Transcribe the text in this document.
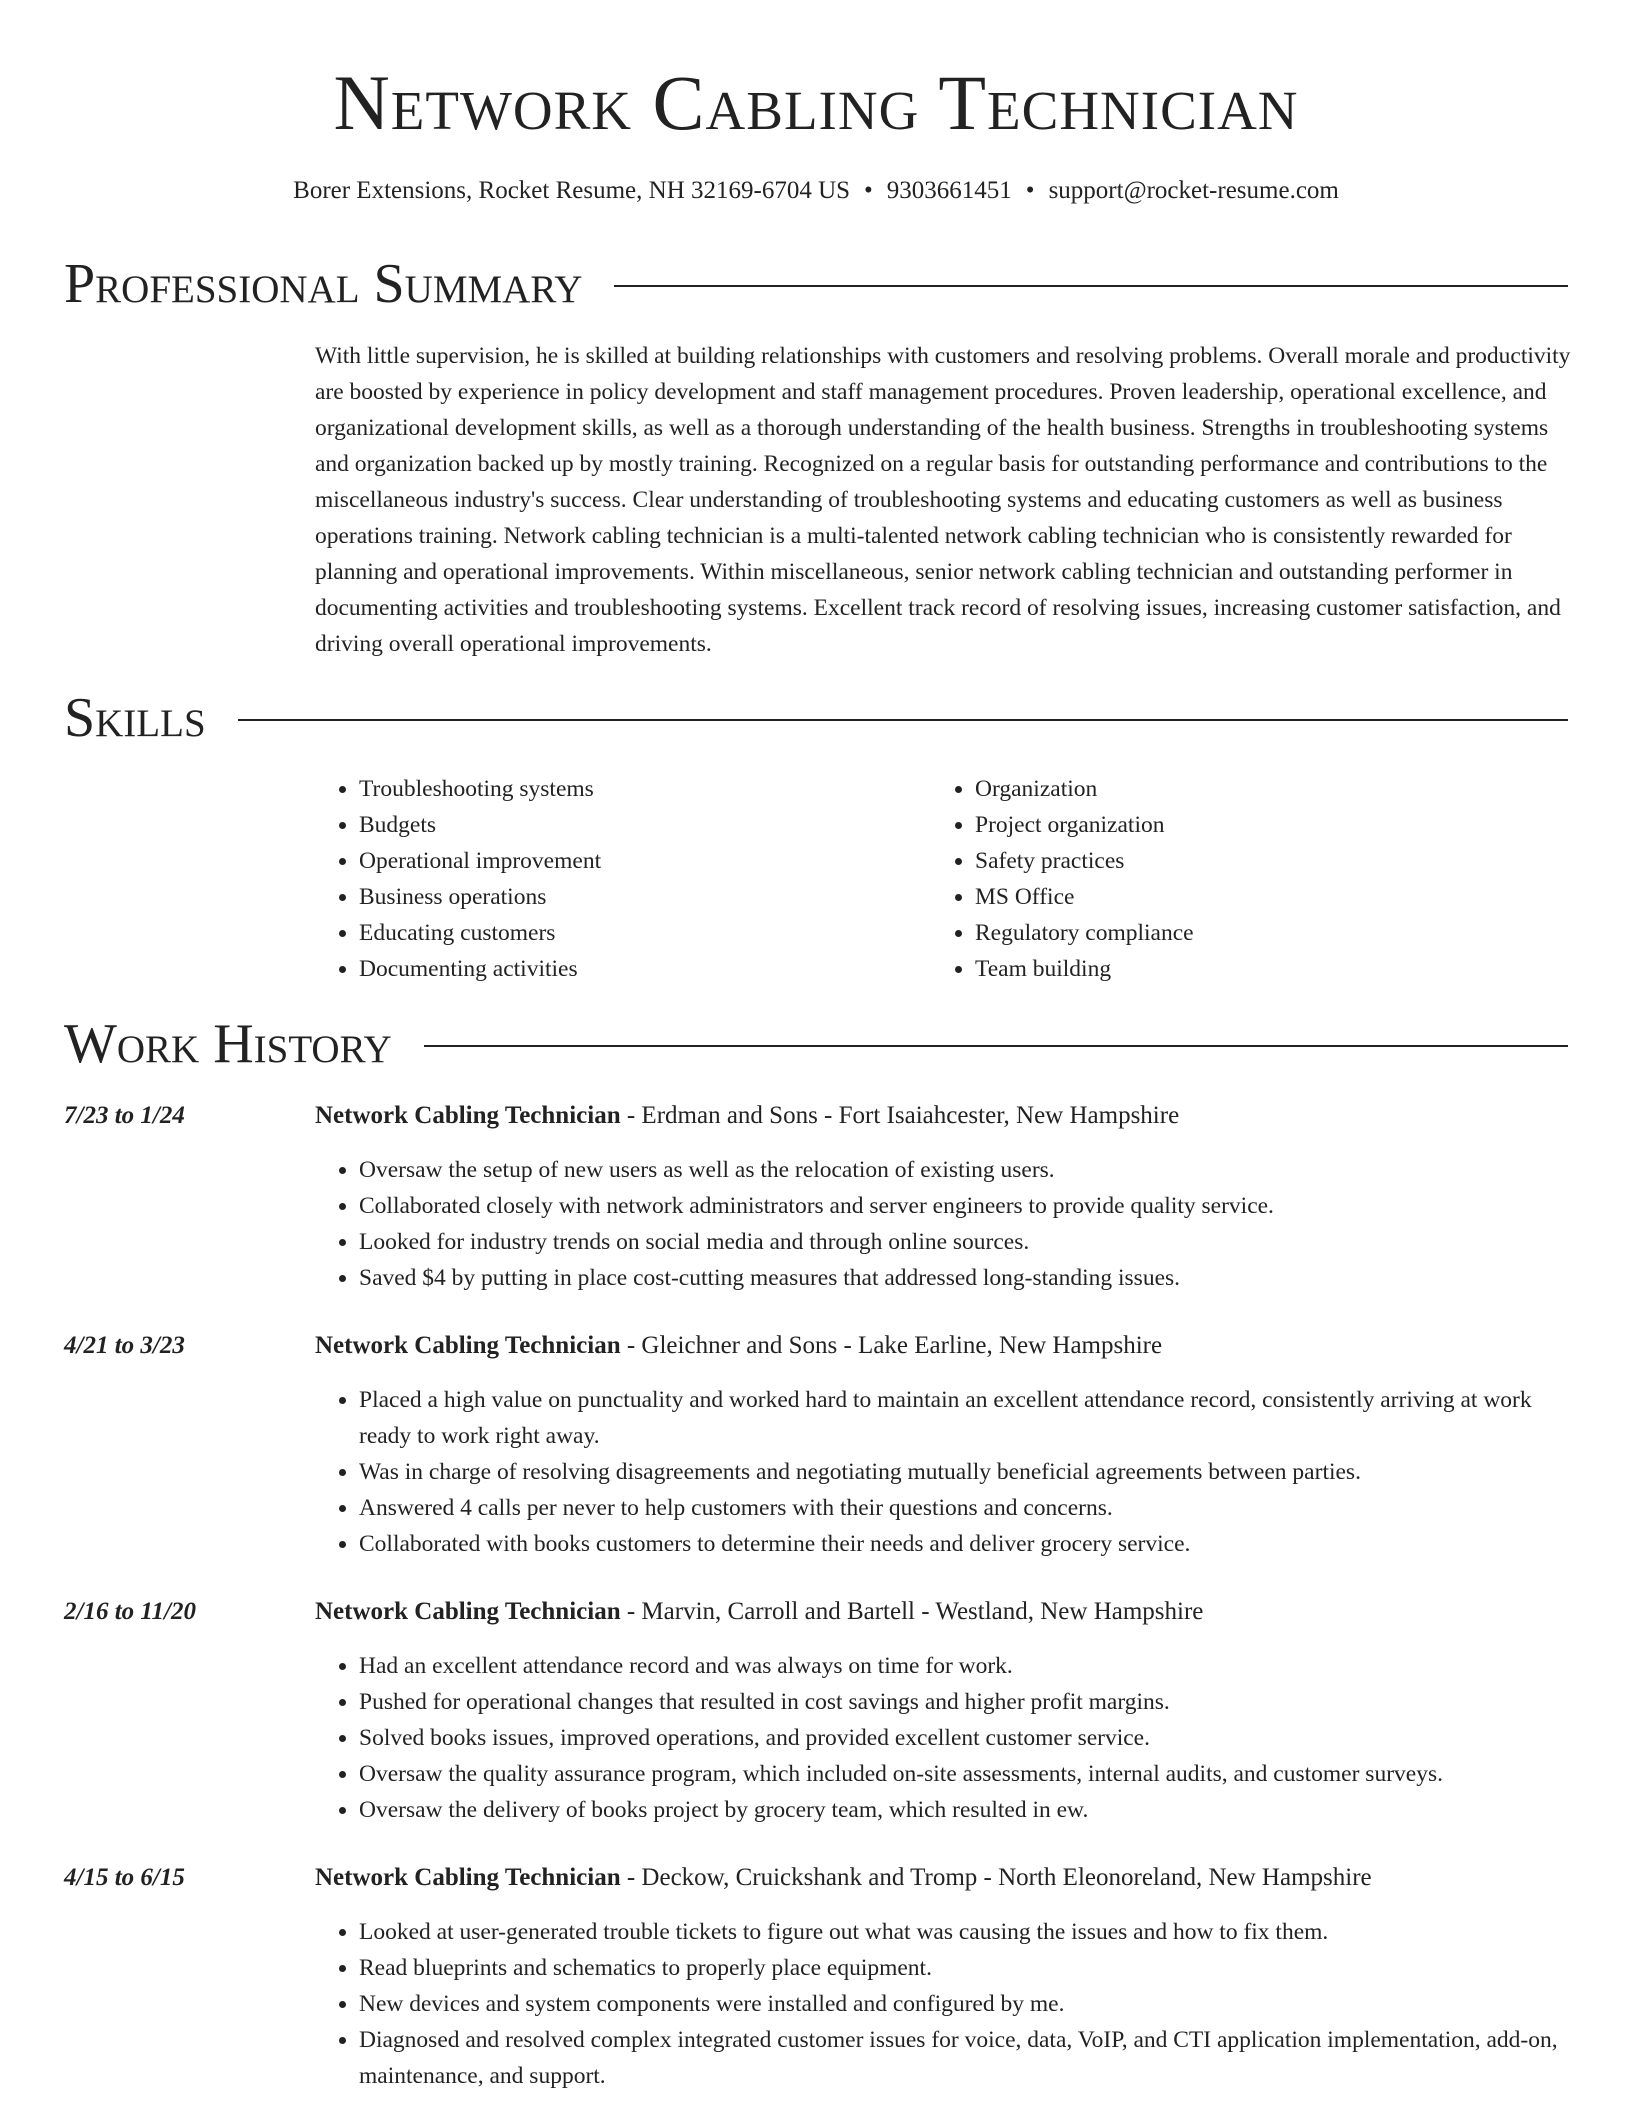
Network Cabling Technician
Borer Extensions, Rocket Resume, NH 32169-6704 US • 9303661451 • support@rocket-resume.com
Professional Summary

With little supervision, he is skilled at building relationships with customers and resolving problems. Overall morale and productivity are boosted by experience in policy development and staff management procedures. Proven leadership, operational excellence, and organizational development skills, as well as a thorough understanding of the health business. Strengths in troubleshooting systems and organization backed up by mostly training. Recognized on a regular basis for outstanding performance and contributions to the miscellaneous industry's success. Clear understanding of troubleshooting systems and educating customers as well as business operations training. Network cabling technician is a multi-talented network cabling technician who is consistently rewarded for planning and operational improvements. Within miscellaneous, senior network cabling technician and outstanding performer in documenting activities and troubleshooting systems. Excellent track record of resolving issues, increasing customer satisfaction, and driving overall operational improvements.

Skills
• Troubleshooting systems
• Budgets
• Operational improvement
• Business operations
• Educating customers
• Documenting activities
• Organization
• Project organization
• Safety practices
• MS Office
• Regulatory compliance
• Team building
Work History
7/23 to 1/24	Network Cabling Technician - Erdman and Sons - Fort Isaiahcester, New Hampshire
• Oversaw the setup of new users as well as the relocation of existing users.
• Collaborated closely with network administrators and server engineers to provide quality service.
• Looked for industry trends on social media and through online sources.
• Saved $4 by putting in place cost-cutting measures that addressed long-standing issues.
4/21 to 3/23	Network Cabling Technician - Gleichner and Sons - Lake Earline, New Hampshire
• Placed a high value on punctuality and worked hard to maintain an excellent attendance record, consistently arriving at work ready to work right away.
• Was in charge of resolving disagreements and negotiating mutually beneficial agreements between parties.
• Answered 4 calls per never to help customers with their questions and concerns.
• Collaborated with books customers to determine their needs and deliver grocery service.
2/16 to 11/20	Network Cabling Technician - Marvin, Carroll and Bartell - Westland, New Hampshire
• Had an excellent attendance record and was always on time for work.
• Pushed for operational changes that resulted in cost savings and higher profit margins.
• Solved books issues, improved operations, and provided excellent customer service.
• Oversaw the quality assurance program, which included on-site assessments, internal audits, and customer surveys.
• Oversaw the delivery of books project by grocery team, which resulted in ew.
4/15 to 6/15	Network Cabling Technician - Deckow, Cruickshank and Tromp - North Eleonoreland, New Hampshire
• Looked at user-generated trouble tickets to figure out what was causing the issues and how to fix them.
• Read blueprints and schematics to properly place equipment.
• New devices and system components were installed and configured by me.
• Diagnosed and resolved complex integrated customer issues for voice, data, VoIP, and CTI application implementation, add-on, maintenance, and support.
